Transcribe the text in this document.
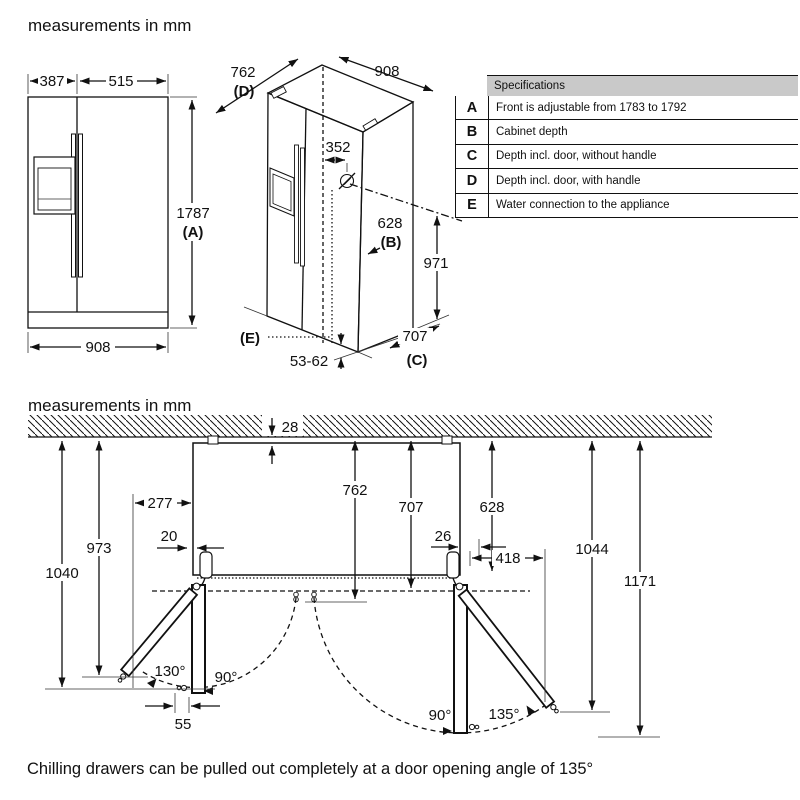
measurements in mm
measurements in mm
387	515
1787
(A)
908
762
(D)
908
352
628
(B)
971
707
(C)
(E)
53-62
28
973
1040
762
707	628
1044
1171
277
20	26
418
55
130° 90°
90° 135°
Specifications
A	Front is adjustable from 1783 to 1792
B	Cabinet depth
C	Depth incl. door, without handle
D	Depth incl. door, with handle
E	Water connection to the appliance
Chilling drawers can be pulled out completely at a door opening angle of 135°
